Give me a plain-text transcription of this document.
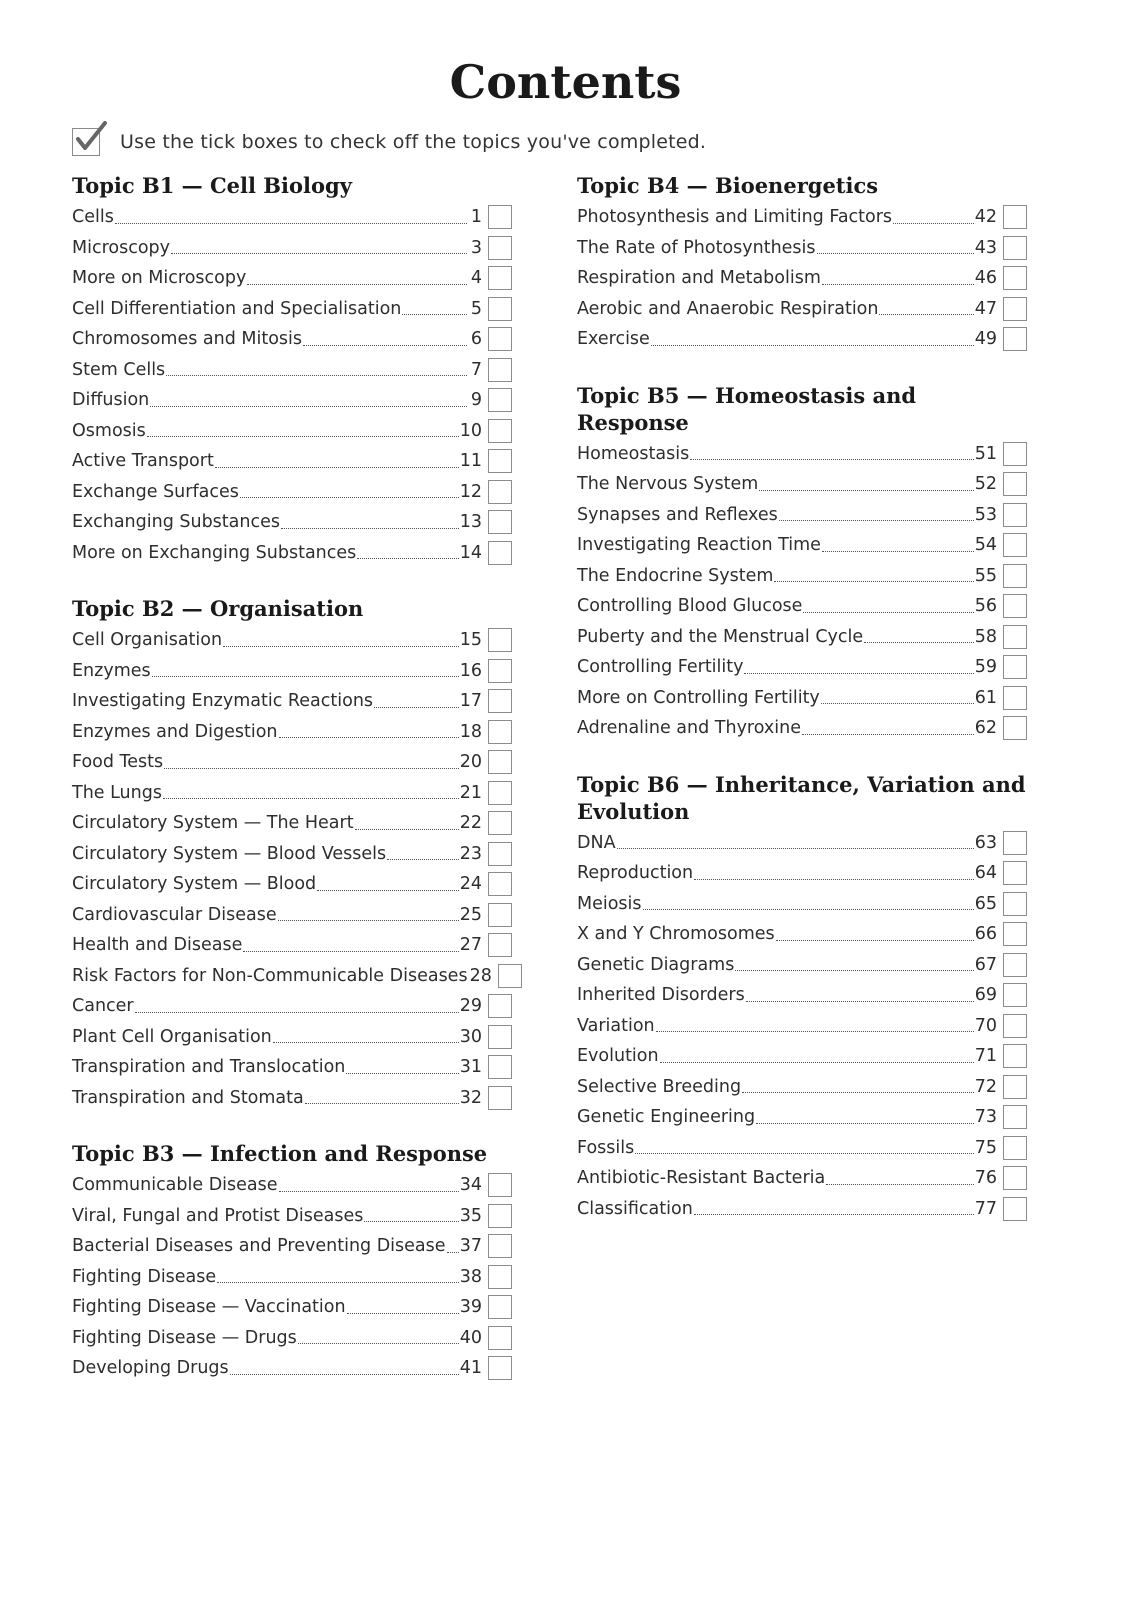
Contents
Use the tick boxes to check off the topics you've completed.
Topic B1 — Cell Biology
Cells	1
Microscopy	3
More on Microscopy	4
Cell Differentiation and Specialisation	5
Chromosomes and Mitosis	6
Stem Cells	7
Diffusion	9
Osmosis	10
Active Transport	11
Exchange Surfaces	12
Exchanging Substances	13
More on Exchanging Substances	14
Topic B2 — Organisation
Cell Organisation	15
Enzymes	16
Investigating Enzymatic Reactions	17
Enzymes and Digestion	18
Food Tests	20
The Lungs	21
Circulatory System — The Heart	22
Circulatory System — Blood Vessels	23
Circulatory System — Blood	24
Cardiovascular Disease	25
Health and Disease	27
Risk Factors for Non-Communicable Diseases 28
Cancer	29
Plant Cell Organisation	30
Transpiration and Translocation	31
Transpiration and Stomata	32
Topic B3 — Infection and Response
Communicable Disease	34
Viral, Fungal and Protist Diseases	35
Bacterial Diseases and Preventing Disease 37
Fighting Disease	38
Fighting Disease — Vaccination	39
Fighting Disease — Drugs	40
Developing Drugs	41
Topic B4 — Bioenergetics
Photosynthesis and Limiting Factors	42
The Rate of Photosynthesis	43
Respiration and Metabolism	46
Aerobic and Anaerobic Respiration	47
Exercise	49
Topic B5 — Homeostasis and Response
Homeostasis	51
The Nervous System	52
Synapses and Reflexes	53
Investigating Reaction Time	54
The Endocrine System	55
Controlling Blood Glucose	56
Puberty and the Menstrual Cycle	58
Controlling Fertility	59
More on Controlling Fertility	61
Adrenaline and Thyroxine	62
Topic B6 — Inheritance, Variation and Evolution
DNA	63
Reproduction	64
Meiosis	65
X and Y Chromosomes	66
Genetic Diagrams	67
Inherited Disorders	69
Variation	70
Evolution	71
Selective Breeding	72
Genetic Engineering	73
Fossils	75
Antibiotic-Resistant Bacteria	76
Classification	77
